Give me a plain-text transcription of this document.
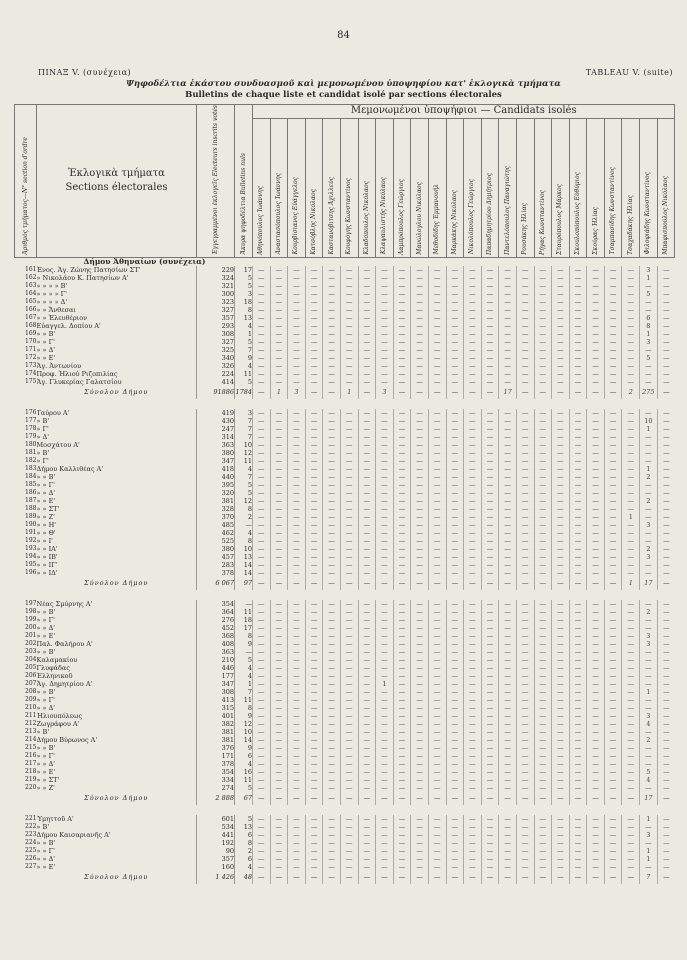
84
ΠΙΝΑΞ V. (συνέχεια)	TABLEAU V. (suite)
Ψηφοδέλτια ἑκάστου συνδυασμοῦ καὶ μεμονωμένου ὑποψηφίου κατ' ἐκλογικὰ τμήματα
Bulletins de chaque liste et candidat isolé par sections électorales
Ἀριθμὸς τμήματος—N° section d'ordre	Ἐκλογικὰ τμήματα
Sections électorales	Ἐγγεγραμμένοι ἐκλογεῖς Electeurs inscrits votés	Ἄκυρα ψηφοδέλτια Bulletins nuls	Μεμονωμένοι ὑποψήφιοι — Candidats isolés																							
				Ἀθηνόπουλος Ἰωάννης	Ἀναστασόπουλος Ἰωάννης	Κουρβίσιανος Εὐάγγελος	Κατσόβλης Νικόλαος	Καστανόβιτσης Ἀχιλλεύς	Κουφόγης Κωνσταντίνος	Κλαδόπουλος Νικόλαος	Κλαψαυλιστής Νικόλαος	Λαμπρόπουλος Γεώργιος	Μανώλογλου Νικόλαος	Μεθοδίδης Ἐμμανουήλ	Μαρκάκης Νικόλαος	Νικολόπουλος Γεώργιος	Παπαδημητρίου Δημήτριος	Παντελόπουλος Παναγιώτης	Ρουσάκης Ἠλίας	Ρήγας Κωνσταντίνος	Σταυρόπουλος Μάρκος	Σκουλοπόπουλος Εὐθύμιος	Σκούρας Ἠλίας	Τσαμπασίδης Κωνσταντίνος	Τσαχαδάκης Ἠλίας	Φιλοφιάδης Κωνσταντίνος	Μπαφισπούλος Νικόλαος
	Δήμου Ἀθηναίων (συνέχεια)																										
161	Ἐνος. Ἀγ. Ζώνης Πατησίων ΣΤ'	229	17	—	—	—	—	—	—	—	—	—	—	—	—	—	—	—	—	—	—	—	—	—	—	3	—
162	» Νικολάου Κ. Πατησίων Α'	324	5	—	—	—	—	—	—	—	—	—	—	—	—	—	—	—	—	—	—	—	—	—	—	1	—
163	» » » » Β'	321	5	—	—	—	—	—	—	—	—	—	—	—	—	—	—	—	—	—	—	—	—	—	—	—	—
164	» » » » Γ'	300	3	—	—	—	—	—	—	—	—	—	—	—	—	—	—	—	—	—	—	—	—	—	—	5	—
165	» » » » Δ'	323	18	—	—	—	—	—	—	—	—	—	—	—	—	—	—	—	—	—	—	—	—	—	—	—	—
166	» » Ἄνθεσαι	327	8	—	—	—	—	—	—	—	—	—	—	—	—	—	—	—	—	—	—	—	—	—	—	—	—
167	» » Ἐλευθέριον	357	13	—	—	—	—	—	—	—	—	—	—	—	—	—	—	—	—	—	—	—	—	—	—	6	—
168	Εὐαγγελ. Δοπίου Α'	293	4	—	—	—	—	—	—	—	—	—	—	—	—	—	—	—	—	—	—	—	—	—	—	8	—
169	» » Β'	308	1	—	—	—	—	—	—	—	—	—	—	—	—	—	—	—	—	—	—	—	—	—	—	1	—
170	» » Γ'	327	5	—	—	—	—	—	—	—	—	—	—	—	—	—	—	—	—	—	—	—	—	—	—	3	—
171	» » Δ'	325	7	—	—	—	—	—	—	—	—	—	—	—	—	—	—	—	—	—	—	—	—	—	—	—	—
172	» » Ε'	340	9	—	—	—	—	—	—	—	—	—	—	—	—	—	—	—	—	—	—	—	—	—	—	5	—
173	Ἀγ. Ἀντωνίου	326	4	—	—	—	—	—	—	—	—	—	—	—	—	—	—	—	—	—	—	—	—	—	—	—	—
174	Προφ. Ἠλιού Ριζοπιλίας	224	11	—	—	—	—	—	—	—	—	—	—	—	—	—	—	—	—	—	—	—	—	—	—	—	—
175	Ἀγ. Γλυκερίας Γαλατσίου	414	5	—	—	—	—	—	—	—	—	—	—	—	—	—	—	—	—	—	—	—	—	—	—	—	—
	Σύνολον Δήμου	91886	1784	—	1	3	—	—	1	—	3	—	—	—	—	—	—	17	—	—	—	—	—	—	2	275	—

176	Ταύρου Α'	419	3	—	—	—	—	—	—	—	—	—	—	—	—	—	—	—	—	—	—	—	—	—	—	—	—
177	» Β'	430	7	—	—	—	—	—	—	—	—	—	—	—	—	—	—	—	—	—	—	—	—	—	—	10	—
178	» Γ'	247	7	—	—	—	—	—	—	—	—	—	—	—	—	—	—	—	—	—	—	—	—	—	—	1	—
179	» Δ'	314	7	—	—	—	—	—	—	—	—	—	—	—	—	—	—	—	—	—	—	—	—	—	—	—	—
180	Μοσχάτου Α'	363	10	—	—	—	—	—	—	—	—	—	—	—	—	—	—	—	—	—	—	—	—	—	—	—	—
181	» Β'	380	12	—	—	—	—	—	—	—	—	—	—	—	—	—	—	—	—	—	—	—	—	—	—	—	—
182	» Γ'	347	11	—	—	—	—	—	—	—	—	—	—	—	—	—	—	—	—	—	—	—	—	—	—	—	—
183	Δήμου Καλλιθέας Α'	418	4	—	—	—	—	—	—	—	—	—	—	—	—	—	—	—	—	—	—	—	—	—	—	1	—
184	» » Β'	440	7	—	—	—	—	—	—	—	—	—	—	—	—	—	—	—	—	—	—	—	—	—	—	2	—
185	» » Γ'	395	5	—	—	—	—	—	—	—	—	—	—	—	—	—	—	—	—	—	—	—	—	—	—	—	—
186	» » Δ'	320	5	—	—	—	—	—	—	—	—	—	—	—	—	—	—	—	—	—	—	—	—	—	—	—	—
187	» » Ε'	381	12	—	—	—	—	—	—	—	—	—	—	—	—	—	—	—	—	—	—	—	—	—	—	2	—
188	» » ΣΤ'	328	8	—	—	—	—	—	—	—	—	—	—	—	—	—	—	—	—	—	—	—	—	—	—	—	—
189	» » Ζ'	370	2	—	—	—	—	—	—	—	—	—	—	—	—	—	—	—	—	—	—	—	—	—	1	—	—
190	» » Η'	485	—	—	—	—	—	—	—	—	—	—	—	—	—	—	—	—	—	—	—	—	—	—	—	3	—
191	» » Θ'	462	4	—	—	—	—	—	—	—	—	—	—	—	—	—	—	—	—	—	—	—	—	—	—	—	—
192	» » Ι'	525	8	—	—	—	—	—	—	—	—	—	—	—	—	—	—	—	—	—	—	—	—	—	—	—	—
193	» » ΙΑ'	380	10	—	—	—	—	—	—	—	—	—	—	—	—	—	—	—	—	—	—	—	—	—	—	2	—
194	» » ΙΒ'	457	13	—	—	—	—	—	—	—	—	—	—	—	—	—	—	—	—	—	—	—	—	—	—	3	—
195	» » ΙΓ'	283	14	—	—	—	—	—	—	—	—	—	—	—	—	—	—	—	—	—	—	—	—	—	—	—	—
196	» » ΙΔ'	378	14	—	—	—	—	—	—	—	—	—	—	—	—	—	—	—	—	—	—	—	—	—	—	—	—
	Σύνολον Δήμου	6 067	97	—	—	—	—	—	—	—	—	—	—	—	—	—	—	—	—	—	—	—	—	—	1	17	—

197	Νέας Σμύρνης Α'	354	—	—	—	—	—	—	—	—	—	—	—	—	—	—	—	—	—	—	—	—	—	—	—	—	—
198	» » Β'	364	11	—	—	—	—	—	—	—	—	—	—	—	—	—	—	—	—	—	—	—	—	—	—	2	—
199	» » Γ'	276	18	—	—	—	—	—	—	—	—	—	—	—	—	—	—	—	—	—	—	—	—	—	—	—	—
200	» » Δ'	452	17	—	—	—	—	—	—	—	—	—	—	—	—	—	—	—	—	—	—	—	—	—	—	—	—
201	» » Ε'	368	8	—	—	—	—	—	—	—	—	—	—	—	—	—	—	—	—	—	—	—	—	—	—	3	—
202	Παλ. Φαλήρου Α'	408	9	—	—	—	—	—	—	—	—	—	—	—	—	—	—	—	—	—	—	—	—	—	—	3	—
203	» » Β'	363	—	—	—	—	—	—	—	—	—	—	—	—	—	—	—	—	—	—	—	—	—	—	—	—	—
204	Καλαμακίου	210	5	—	—	—	—	—	—	—	—	—	—	—	—	—	—	—	—	—	—	—	—	—	—	—	—
205	Γλυφάδας	446	4	—	—	—	—	—	—	—	—	—	—	—	—	—	—	—	—	—	—	—	—	—	—	—	—
206	Ἑλληνικοῦ	177	4	—	—	—	—	—	—	—	—	—	—	—	—	—	—	—	—	—	—	—	—	—	—	—	—
207	Ἀγ. Δημητρίου Α'	347	1	—	—	—	—	—	—	—	1	—	—	—	—	—	—	—	—	—	—	—	—	—	—	—	—
208	» » Β'	308	7	—	—	—	—	—	—	—	—	—	—	—	—	—	—	—	—	—	—	—	—	—	—	1	—
209	» » Γ'	413	11	—	—	—	—	—	—	—	—	—	—	—	—	—	—	—	—	—	—	—	—	—	—	—	—
210	» » Δ'	315	8	—	—	—	—	—	—	—	—	—	—	—	—	—	—	—	—	—	—	—	—	—	—	—	—
211	Ἡλιουπόλεως	401	9	—	—	—	—	—	—	—	—	—	—	—	—	—	—	—	—	—	—	—	—	—	—	3	—
212	Ζωγράφου Α'	382	12	—	—	—	—	—	—	—	—	—	—	—	—	—	—	—	—	—	—	—	—	—	—	4	—
213	» Β'	381	10	—	—	—	—	—	—	—	—	—	—	—	—	—	—	—	—	—	—	—	—	—	—	—	—
214	Δήμου Βύρωνος Α'	381	14	—	—	—	—	—	—	—	—	—	—	—	—	—	—	—	—	—	—	—	—	—	—	2	—
215	» » Β'	376	9	—	—	—	—	—	—	—	—	—	—	—	—	—	—	—	—	—	—	—	—	—	—	—	—
216	» » Γ'	171	6	—	—	—	—	—	—	—	—	—	—	—	—	—	—	—	—	—	—	—	—	—	—	—	—
217	» » Δ'	378	4	—	—	—	—	—	—	—	—	—	—	—	—	—	—	—	—	—	—	—	—	—	—	—	—
218	» » Ε'	354	16	—	—	—	—	—	—	—	—	—	—	—	—	—	—	—	—	—	—	—	—	—	—	5	—
219	» » ΣΤ'	334	11	—	—	—	—	—	—	—	—	—	—	—	—	—	—	—	—	—	—	—	—	—	—	4	—
220	» » Ζ'	274	5	—	—	—	—	—	—	—	—	—	—	—	—	—	—	—	—	—	—	—	—	—	—	—	—
	Σύνολον Δήμου	2 888	67	—	—	—	—	—	—	—	—	—	—	—	—	—	—	—	—	—	—	—	—	—	—	17	—

221	Ὑμηττοῦ Α'	601	5	—	—	—	—	—	—	—	—	—	—	—	—	—	—	—	—	—	—	—	—	—	—	1	—
222	» Β'	534	13	—	—	—	—	—	—	—	—	—	—	—	—	—	—	—	—	—	—	—	—	—	—	—	—
223	Δήμου Καισαριανῆς Α'	441	6	—	—	—	—	—	—	—	—	—	—	—	—	—	—	—	—	—	—	—	—	—	—	3	—
224	» » Β'	192	8	—	—	—	—	—	—	—	—	—	—	—	—	—	—	—	—	—	—	—	—	—	—	—	—
225	» » Γ'	90	2	—	—	—	—	—	—	—	—	—	—	—	—	—	—	—	—	—	—	—	—	—	—	1	—
226	» » Δ'	357	6	—	—	—	—	—	—	—	—	—	—	—	—	—	—	—	—	—	—	—	—	—	—	1	—
227	» » Ε'	160	4	—	—	—	—	—	—	—	—	—	—	—	—	—	—	—	—	—	—	—	—	—	—	—	—
	Σύνολον Δήμου	1 426	48	—	—	—	—	—	—	—	—	—	—	—	—	—	—	—	—	—	—	—	—	—	—	7	—
